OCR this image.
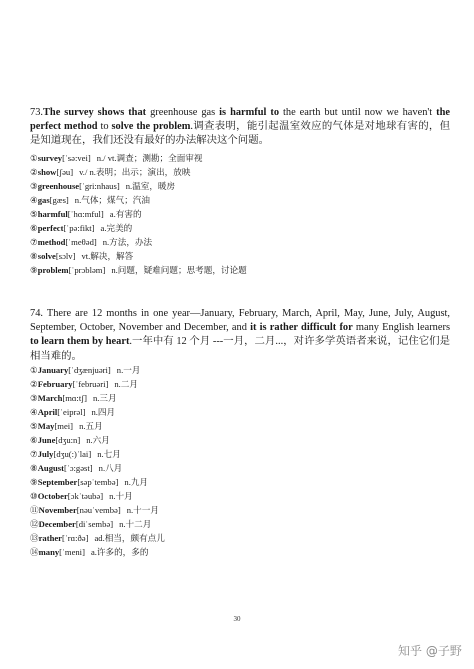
73.The survey shows that greenhouse gas is harmful to the earth but until now we haven't the perfect method to solve the problem.调查表明，能引起温室效应的气体是对地球有害的，但是知道现在，我们还没有最好的办法解决这个问题。
①survey[ˈsə:vei] n./ vt.调查；测勘；全面审视
②show[ʃəu] v./ n.表明；出示；演出，放映
③greenhouse[ˈgri:nhaus] n.温室，暖房
④gas[gæs] n.气体；煤气；汽油
⑤harmful[ˈhɑ:mful] a.有害的
⑥perfect[ˈpə:fikt] a.完美的
⑦method[ˈmeθəd] n.方法，办法
⑧solve[sɔlv] vt.解决，解答
⑨problem[ˈprɔbləm] n.问题，疑难问题；思考题，讨论题
74. There are 12 months in one year—January, February, March, April, May, June, July, August, September, October, November and December, and it is rather difficult for many English learners to learn them by heart.一年中有 12 个月 ---一月，二月...，对许多学英语者来说，记住它们是相当难的。
①January[ˈdʒænjuəri] n.一月
②February[ˈfebruəri] n.二月
③March[mɑ:tʃ] n.三月
④April[ˈeiprəl] n.四月
⑤May[mei] n.五月
⑥June[dʒu:n] n.六月
⑦July[dʒu(:)ˈlai] n.七月
⑧August[ˈɔ:gəst] n.八月
⑨September[səpˈtembə] n.九月
⑩October[ɔkˈtəubə] n.十月
⑪November[nəuˈvembə] n.十一月
⑫December[diˈsembə] n.十二月
⑬rather[ˈrɑ:ðə] ad.相当，颇有点儿
⑭many[ˈmeni] a.许多的，多的
30
知乎 @子野
